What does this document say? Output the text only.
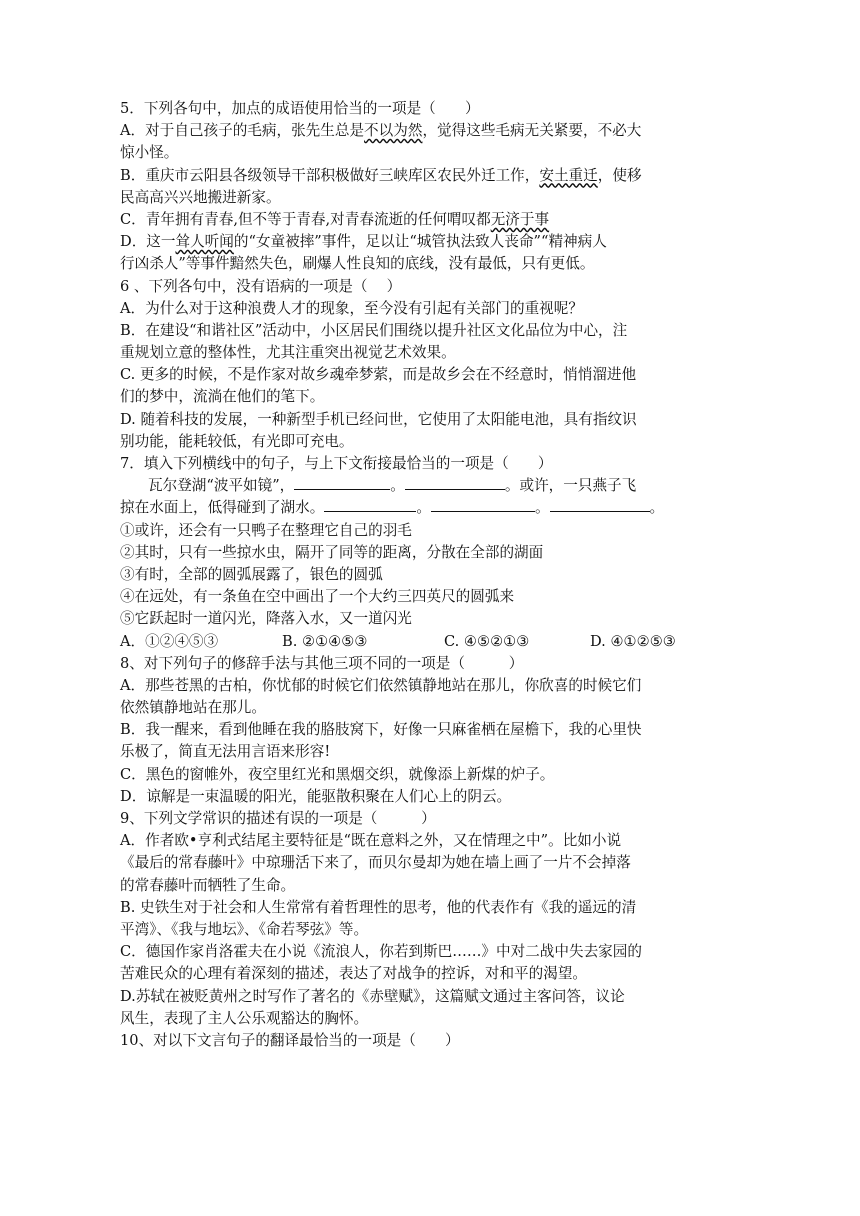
5．下列各句中，加点的成语使用恰当的一项是（　　）
A．对于自己孩子的毛病，张先生总是不以为然，觉得这些毛病无关紧要，不必大
惊小怪。
B．重庆市云阳县各级领导干部积极做好三峡库区农民外迁工作，安土重迁，使移
民高高兴兴地搬进新家。
C．青年拥有青春,但不等于青春,对青春流逝的任何喟叹都无济于事
D．这一耸人听闻的“女童被摔”事件，足以让“城管执法致人丧命”“精神病人
行凶杀人”等事件黯然失色，刷爆人性良知的底线，没有最低，只有更低。
6 、下列各句中，没有语病的一项是（　 ）
A．为什么对于这种浪费人才的现象，至今没有引起有关部门的重视呢？
B．在建设“和谐社区”活动中，小区居民们围绕以提升社区文化品位为中心，注
重规划立意的整体性，尤其注重突出视觉艺术效果。
C. 更多的时候，不是作家对故乡魂牵梦萦，而是故乡会在不经意时，悄悄溜进他
们的梦中，流淌在他们的笔下。
D. 随着科技的发展，一种新型手机已经问世，它使用了太阳能电池，具有指纹识
别功能，能耗较低，有光即可充电。
7．填入下列横线中的句子，与上下文衔接最恰当的一项是（　　）
瓦尔登湖“波平如镜”，	。	。或许，一只燕子飞
掠在水面上，低得碰到了湖水。	。	。	。
①或许，还会有一只鸭子在整理它自己的羽毛
②其时，只有一些掠水虫，隔开了同等的距离，分散在全部的湖面
③有时，全部的圆弧展露了，银色的圆弧
④在远处，有一条鱼在空中画出了一个大约三四英尺的圆弧来
⑤它跃起时一道闪光，降落入水，又一道闪光
A．①②④⑤③	B. ②①④⑤③	C. ④⑤②①③	D. ④①②⑤③
8、对下列句子的修辞手法与其他三项不同的一项是（　　　）
A．那些苍黑的古柏，你忧郁的时候它们依然镇静地站在那儿，你欣喜的时候它们
依然镇静地站在那儿。
B．我一醒来，看到他睡在我的胳肢窝下，好像一只麻雀栖在屋檐下，我的心里快
乐极了，简直无法用言语来形容!
C．黑色的窗帷外，夜空里红光和黑烟交织，就像添上新煤的炉子。
D．谅解是一束温暖的阳光，能驱散积聚在人们心上的阴云。
9、下列文学常识的描述有误的一项是（　　　）
A．作者欧•亨利式结尾主要特征是“既在意料之外，又在情理之中”。比如小说
《最后的常春藤叶》中琼珊活下来了，而贝尔曼却为她在墙上画了一片不会掉落
的常春藤叶而牺牲了生命。
B. 史铁生对于社会和人生常常有着哲理性的思考，他的代表作有《我的遥远的清
平湾》、《我与地坛》、《命若琴弦》等。
C．德国作家肖洛霍夫在小说《流浪人，你若到斯巴……》中对二战中失去家园的
苦难民众的心理有着深刻的描述，表达了对战争的控诉，对和平的渴望。
D.苏轼在被贬黄州之时写作了著名的《赤壁赋》，这篇赋文通过主客问答，议论
风生，表现了主人公乐观豁达的胸怀。
10、对以下文言句子的翻译最恰当的一项是（　　）
